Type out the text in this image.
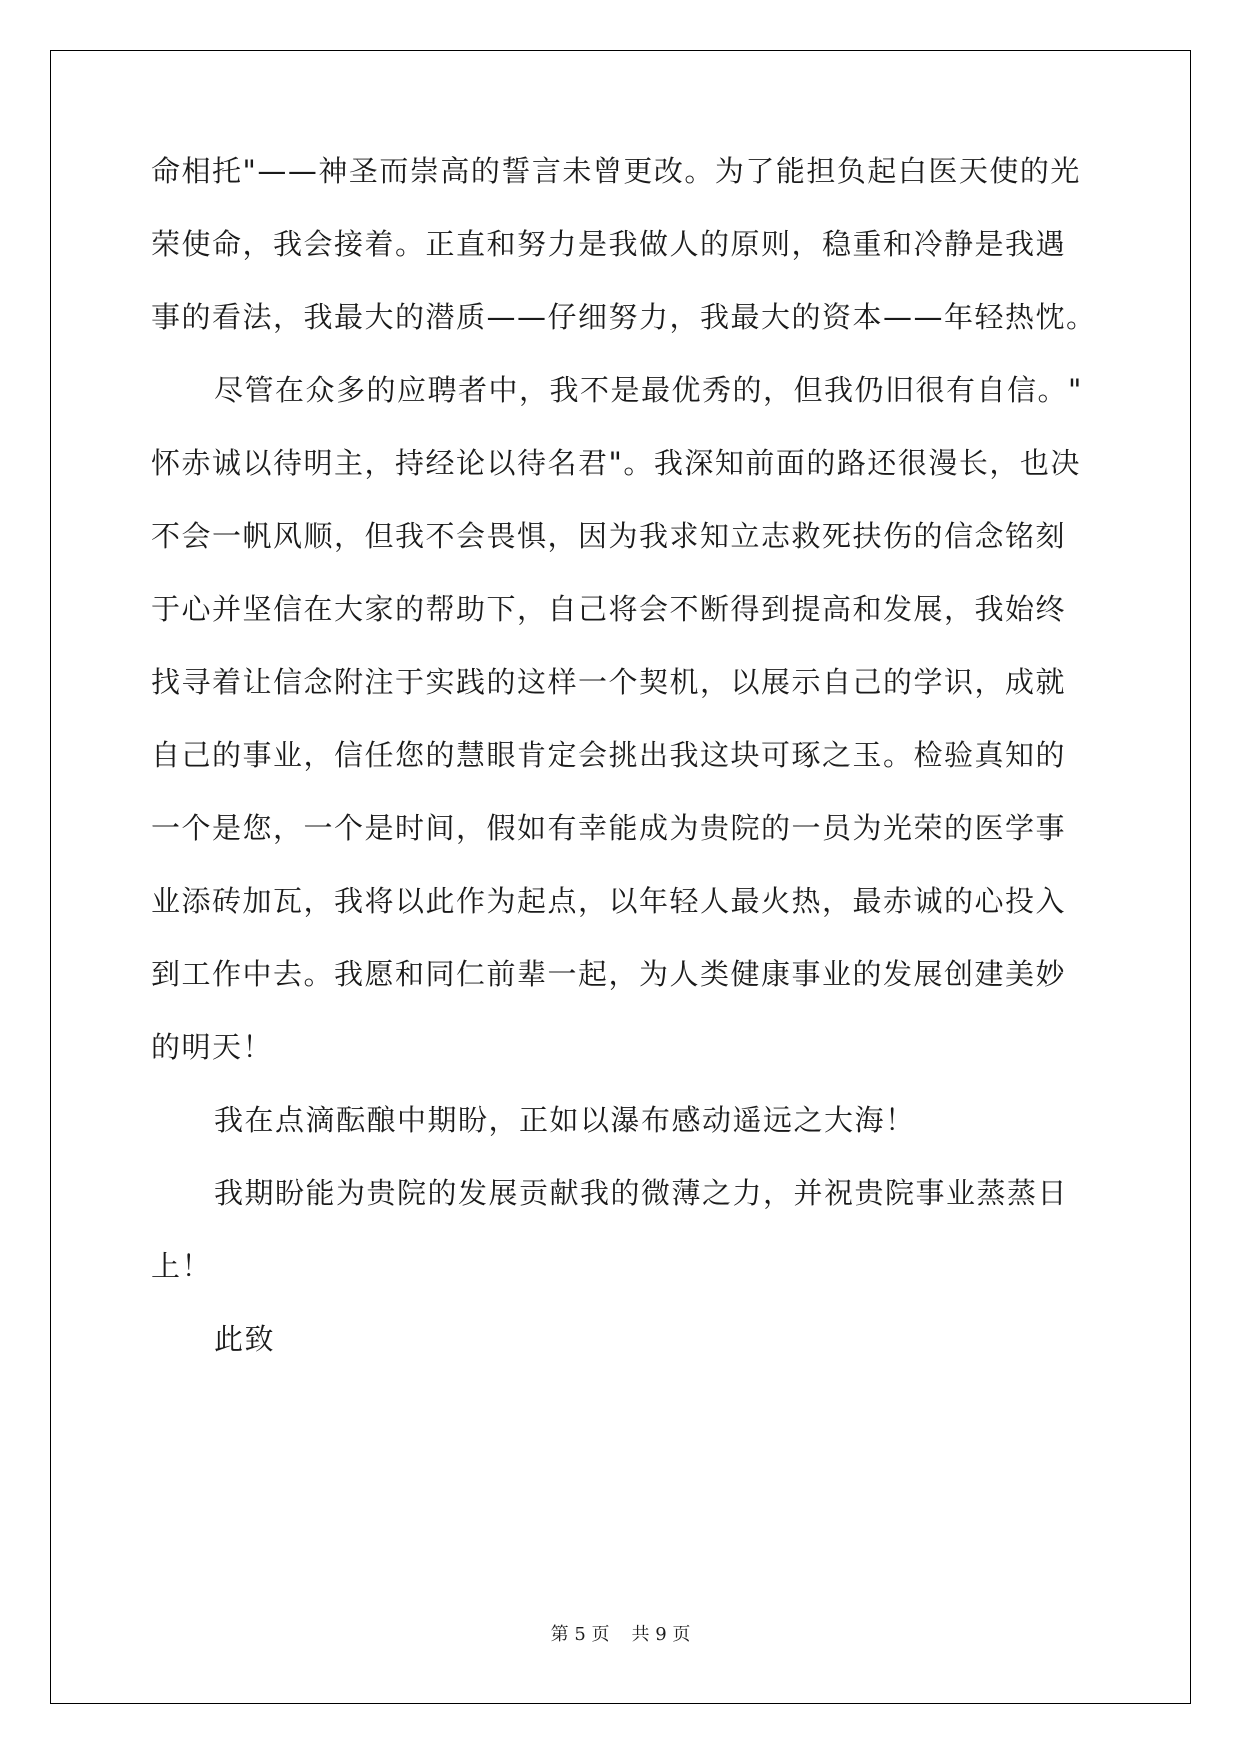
命相托"——神圣而崇高的誓言未曾更改。为了能担负起白医天使的光

荣使命，我会接着。正直和努力是我做人的原则，稳重和冷静是我遇

事的看法，我最大的潜质——仔细努力，我最大的资本——年轻热忱。

尽管在众多的应聘者中，我不是最优秀的，但我仍旧很有自信。"

怀赤诚以待明主，持经论以待名君"。我深知前面的路还很漫长，也决

不会一帆风顺，但我不会畏惧，因为我求知立志救死扶伤的信念铭刻

于心并坚信在大家的帮助下，自己将会不断得到提高和发展，我始终

找寻着让信念附注于实践的这样一个契机，以展示自己的学识，成就

自己的事业，信任您的慧眼肯定会挑出我这块可琢之玉。检验真知的

一个是您，一个是时间，假如有幸能成为贵院的一员为光荣的医学事

业添砖加瓦，我将以此作为起点，以年轻人最火热，最赤诚的心投入

到工作中去。我愿和同仁前辈一起，为人类健康事业的发展创建美妙

的明天！

我在点滴酝酿中期盼，正如以瀑布感动遥远之大海！

我期盼能为贵院的发展贡献我的微薄之力，并祝贵院事业蒸蒸日

上！

此致

第 5 页 共 9 页
